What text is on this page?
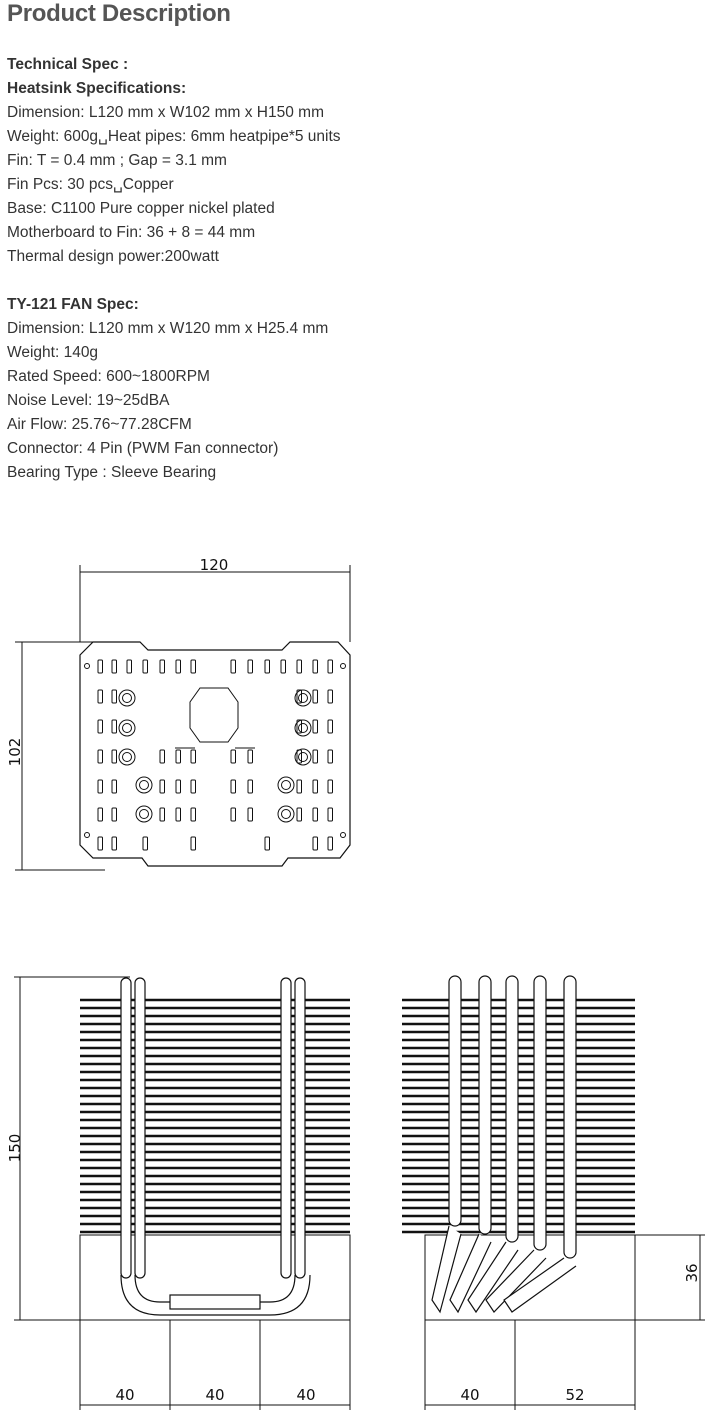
Product Description
Technical Spec :
Heatsink Specifications:
Dimension: L120 mm x W102 mm x H150 mm
Weight: 600g␣Heat pipes: 6mm heatpipe*5 units
Fin: T = 0.4 mm ; Gap = 3.1 mm
Fin Pcs: 30 pcs␣Copper
Base: C1100 Pure copper nickel plated
Motherboard to Fin: 36 + 8 = 44 mm
Thermal design power:200watt
TY-121 FAN Spec:
Dimension: L120 mm x W120 mm x H25.4 mm
Weight: 140g
Rated Speed: 600~1800RPM
Noise Level: 19~25dBA
Air Flow: 25.76~77.28CFM
Connector: 4 Pin (PWM Fan connector)
Bearing Type : Sleeve Bearing
120
102
150
40	40	40
36
40	52
